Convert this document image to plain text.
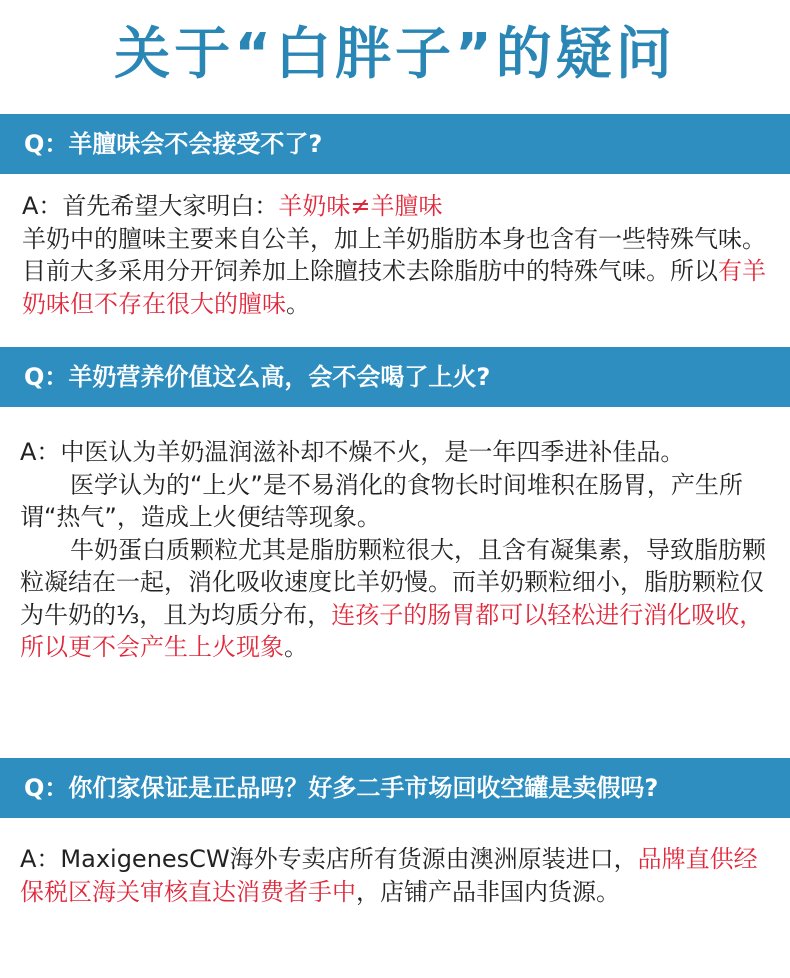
关于“白胖子”的疑问
Q：羊膻味会不会接受不了?
A：首先希望大家明白：羊奶味≠羊膻味
羊奶中的膻味主要来自公羊，加上羊奶脂肪本身也含有一些特殊气味。目前大多采用分开饲养加上除膻技术去除脂肪中的特殊气味。所以有羊奶味但不存在很大的膻味。
Q：羊奶营养价值这么高，会不会喝了上火?
A：中医认为羊奶温润滋补却不燥不火，是一年四季进补佳品。
医学认为的“上火”是不易消化的食物长时间堆积在肠胃，产生所谓“热气”，造成上火便结等现象。
牛奶蛋白质颗粒尤其是脂肪颗粒很大，且含有凝集素，导致脂肪颗粒凝结在一起，消化吸收速度比羊奶慢。而羊奶颗粒细小，脂肪颗粒仅为牛奶的⅓，且为均质分布，连孩子的肠胃都可以轻松进行消化吸收，所以更不会产生上火现象。
Q：你们家保证是正品吗？好多二手市场回收空罐是卖假吗?
A：MaxigenesCW海外专卖店所有货源由澳洲原装进口，品牌直供经保税区海关审核直达消费者手中，店铺产品非国内货源。
